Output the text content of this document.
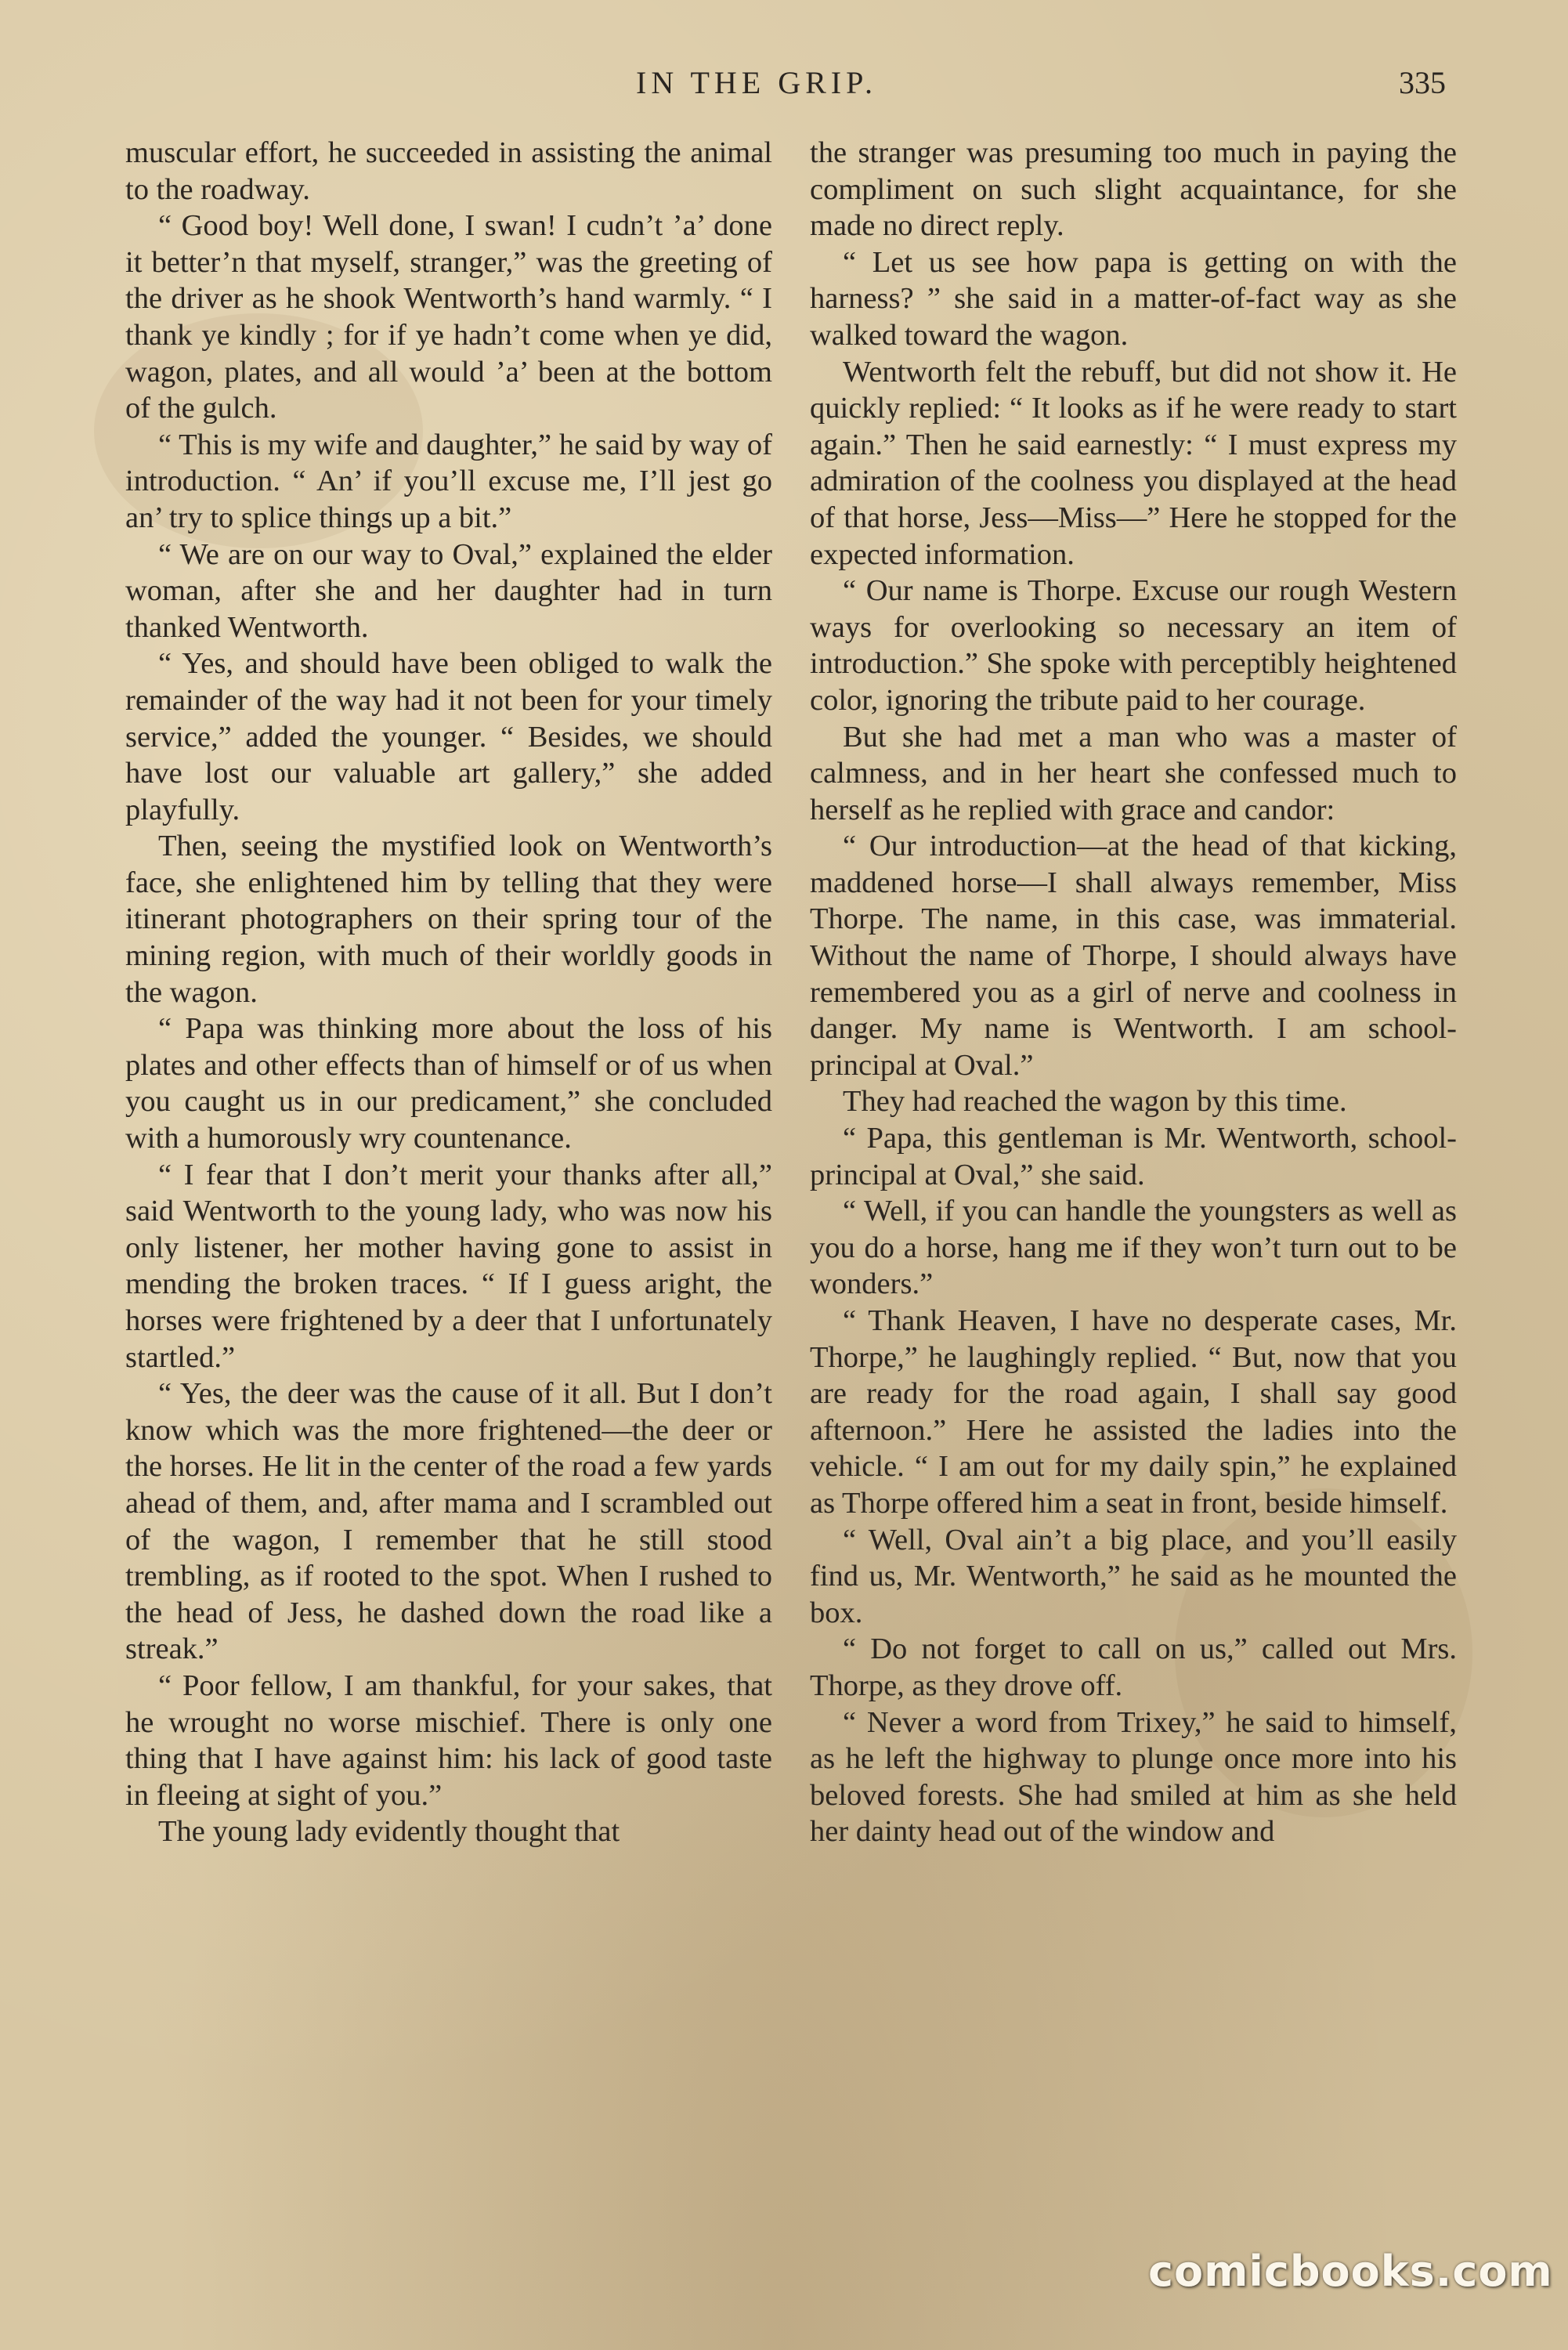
IN THE GRIP.	335

muscular effort, he succeeded in assisting the animal to the roadway.

“ Good boy! Well done, I swan! I cudn’t ’a’ done it better’n that myself, stranger,” was the greeting of the driver as he shook Wentworth’s hand warmly. “ I thank ye kindly ; for if ye hadn’t come when ye did, wagon, plates, and all would ’a’ been at the bottom of the gulch.

“ This is my wife and daughter,” he said by way of introduction. “ An’ if you’ll excuse me, I’ll jest go an’ try to splice things up a bit.”

“ We are on our way to Oval,” explained the elder woman, after she and her daughter had in turn thanked Wentworth.

“ Yes, and should have been obliged to walk the remainder of the way had it not been for your timely service,” added the younger. “ Besides, we should have lost our valuable art gallery,” she added playfully.

Then, seeing the mystified look on Wentworth’s face, she enlightened him by telling that they were itinerant photographers on their spring tour of the mining region, with much of their worldly goods in the wagon.

“ Papa was thinking more about the loss of his plates and other effects than of himself or of us when you caught us in our predicament,” she concluded with a humorously wry countenance.

“ I fear that I don’t merit your thanks after all,” said Wentworth to the young lady, who was now his only listener, her mother having gone to assist in mending the broken traces. “ If I guess aright, the horses were frightened by a deer that I unfortunately startled.”

“ Yes, the deer was the cause of it all. But I don’t know which was the more frightened—the deer or the horses. He lit in the center of the road a few yards ahead of them, and, after mama and I scrambled out of the wagon, I remember that he still stood trembling, as if rooted to the spot. When I rushed to the head of Jess, he dashed down the road like a streak.”

“ Poor fellow, I am thankful, for your sakes, that he wrought no worse mischief. There is only one thing that I have against him: his lack of good taste in fleeing at sight of you.”

The young lady evidently thought that

the stranger was presuming too much in paying the compliment on such slight acquaintance, for she made no direct reply.

“ Let us see how papa is getting on with the harness? ” she said in a matter-of-fact way as she walked toward the wagon.

Wentworth felt the rebuff, but did not show it. He quickly replied: “ It looks as if he were ready to start again.” Then he said earnestly: “ I must express my admiration of the coolness you displayed at the head of that horse, Jess—Miss—” Here he stopped for the expected information.

“ Our name is Thorpe. Excuse our rough Western ways for overlooking so necessary an item of introduction.” She spoke with perceptibly heightened color, ignoring the tribute paid to her courage.

But she had met a man who was a master of calmness, and in her heart she confessed much to herself as he replied with grace and candor:

“ Our introduction—at the head of that kicking, maddened horse—I shall always remember, Miss Thorpe. The name, in this case, was immaterial. Without the name of Thorpe, I should always have remembered you as a girl of nerve and coolness in danger. My name is Wentworth. I am school-principal at Oval.”

They had reached the wagon by this time.

“ Papa, this gentleman is Mr. Wentworth, school-principal at Oval,” she said.

“ Well, if you can handle the youngsters as well as you do a horse, hang me if they won’t turn out to be wonders.”

“ Thank Heaven, I have no desperate cases, Mr. Thorpe,” he laughingly replied. “ But, now that you are ready for the road again, I shall say good afternoon.” Here he assisted the ladies into the vehicle. “ I am out for my daily spin,” he explained as Thorpe offered him a seat in front, beside himself.

“ Well, Oval ain’t a big place, and you’ll easily find us, Mr. Wentworth,” he said as he mounted the box.

“ Do not forget to call on us,” called out Mrs. Thorpe, as they drove off.

“ Never a word from Trixey,” he said to himself, as he left the highway to plunge once more into his beloved forests. She had smiled at him as she held her dainty head out of the window and

comicbooks.com
